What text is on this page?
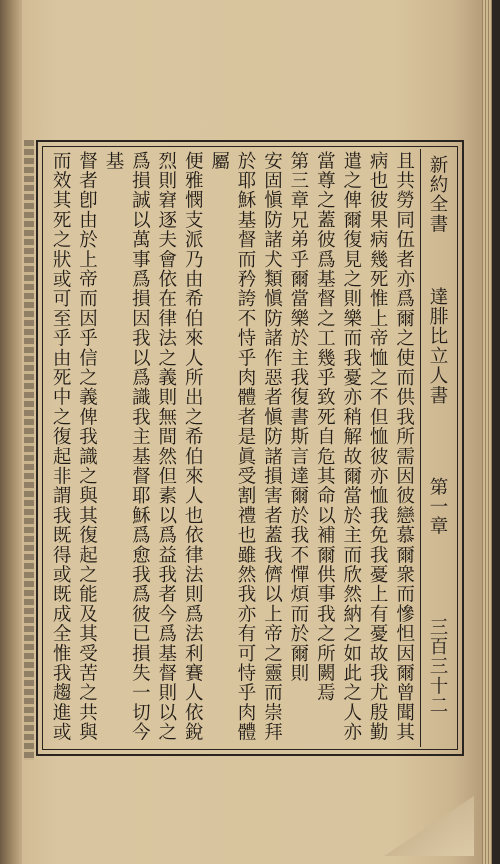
新約全書
達腓比立人書
第一章
三百三十二
且共勞同伍者亦爲爾之使而供我所需因彼戀慕爾衆而慘怛因爾曾聞其
病也彼果病幾死惟上帝恤之不但恤彼亦恤我免我憂上有憂故我尤殷勤
遣之俾爾復見之則樂而我憂亦稍解故爾當於主而欣然納之如此之人亦
當尊之蓋彼爲基督之工幾乎致死自危其命以補爾供事我之所闕焉
第三章兄弟乎爾當樂於主我復書斯言達爾於我不憚煩而於爾則
安固愼防諸犬類愼防諸作惡者愼防諸損害者蓋我儕以上帝之靈而崇拜
於耶穌基督而矜誇不恃乎肉體者是眞受割禮也雖然我亦有可恃乎肉體
屬
便雅憫支派乃由希伯來人所出之希伯來人也依律法則爲法利賽人依銳
烈則窘逐夫會依在律法之義則無間然但素以爲益我者今爲基督則以之
爲損誠以萬事爲損因我以爲識我主基督耶穌爲愈我爲彼已損失一切今
基
督者卽由於上帝而因乎信之義俾我識之與其復起之能及其受苦之共與
而效其死之狀或可至乎由死中之復起非謂我既得或既成全惟我趨進或
